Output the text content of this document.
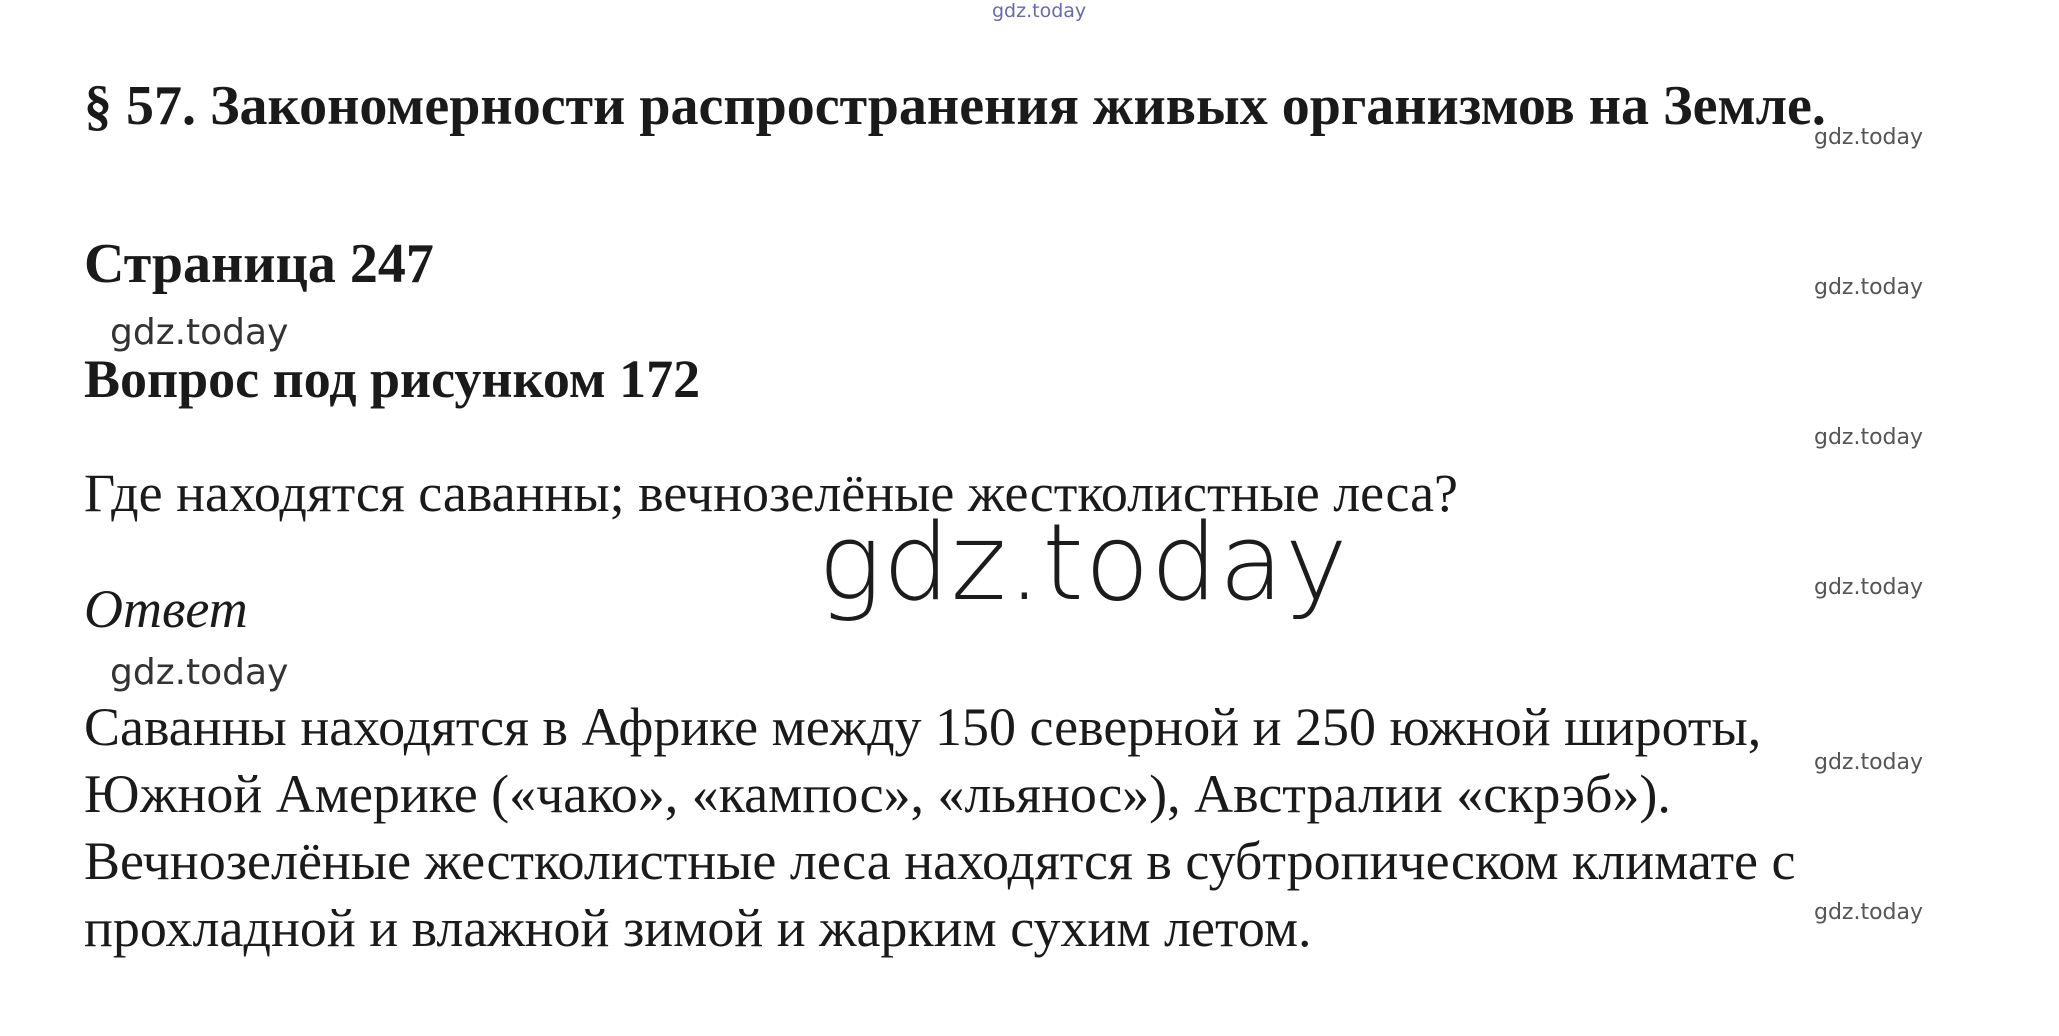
gdz.today
gdz.today
gdz.today
gdz.today
gdz.today
gdz.today
gdz.today
gdz.today
gdz.today
gdz.today
§ 57. Закономерности распространения живых организмов на Земле.
Страница 247
Вопрос под рисунком 172
Где находятся саванны; вечнозелёные жестколистные леса?
Ответ
Саванны находятся в Африке между 150 северной и 250 южной широты,
Южной Америке («чако», «кампос», «льянос»), Австралии «скрэб»).
Вечнозелёные жестколистные леса находятся в субтропическом климате с
прохладной и влажной зимой и жарким сухим летом.
